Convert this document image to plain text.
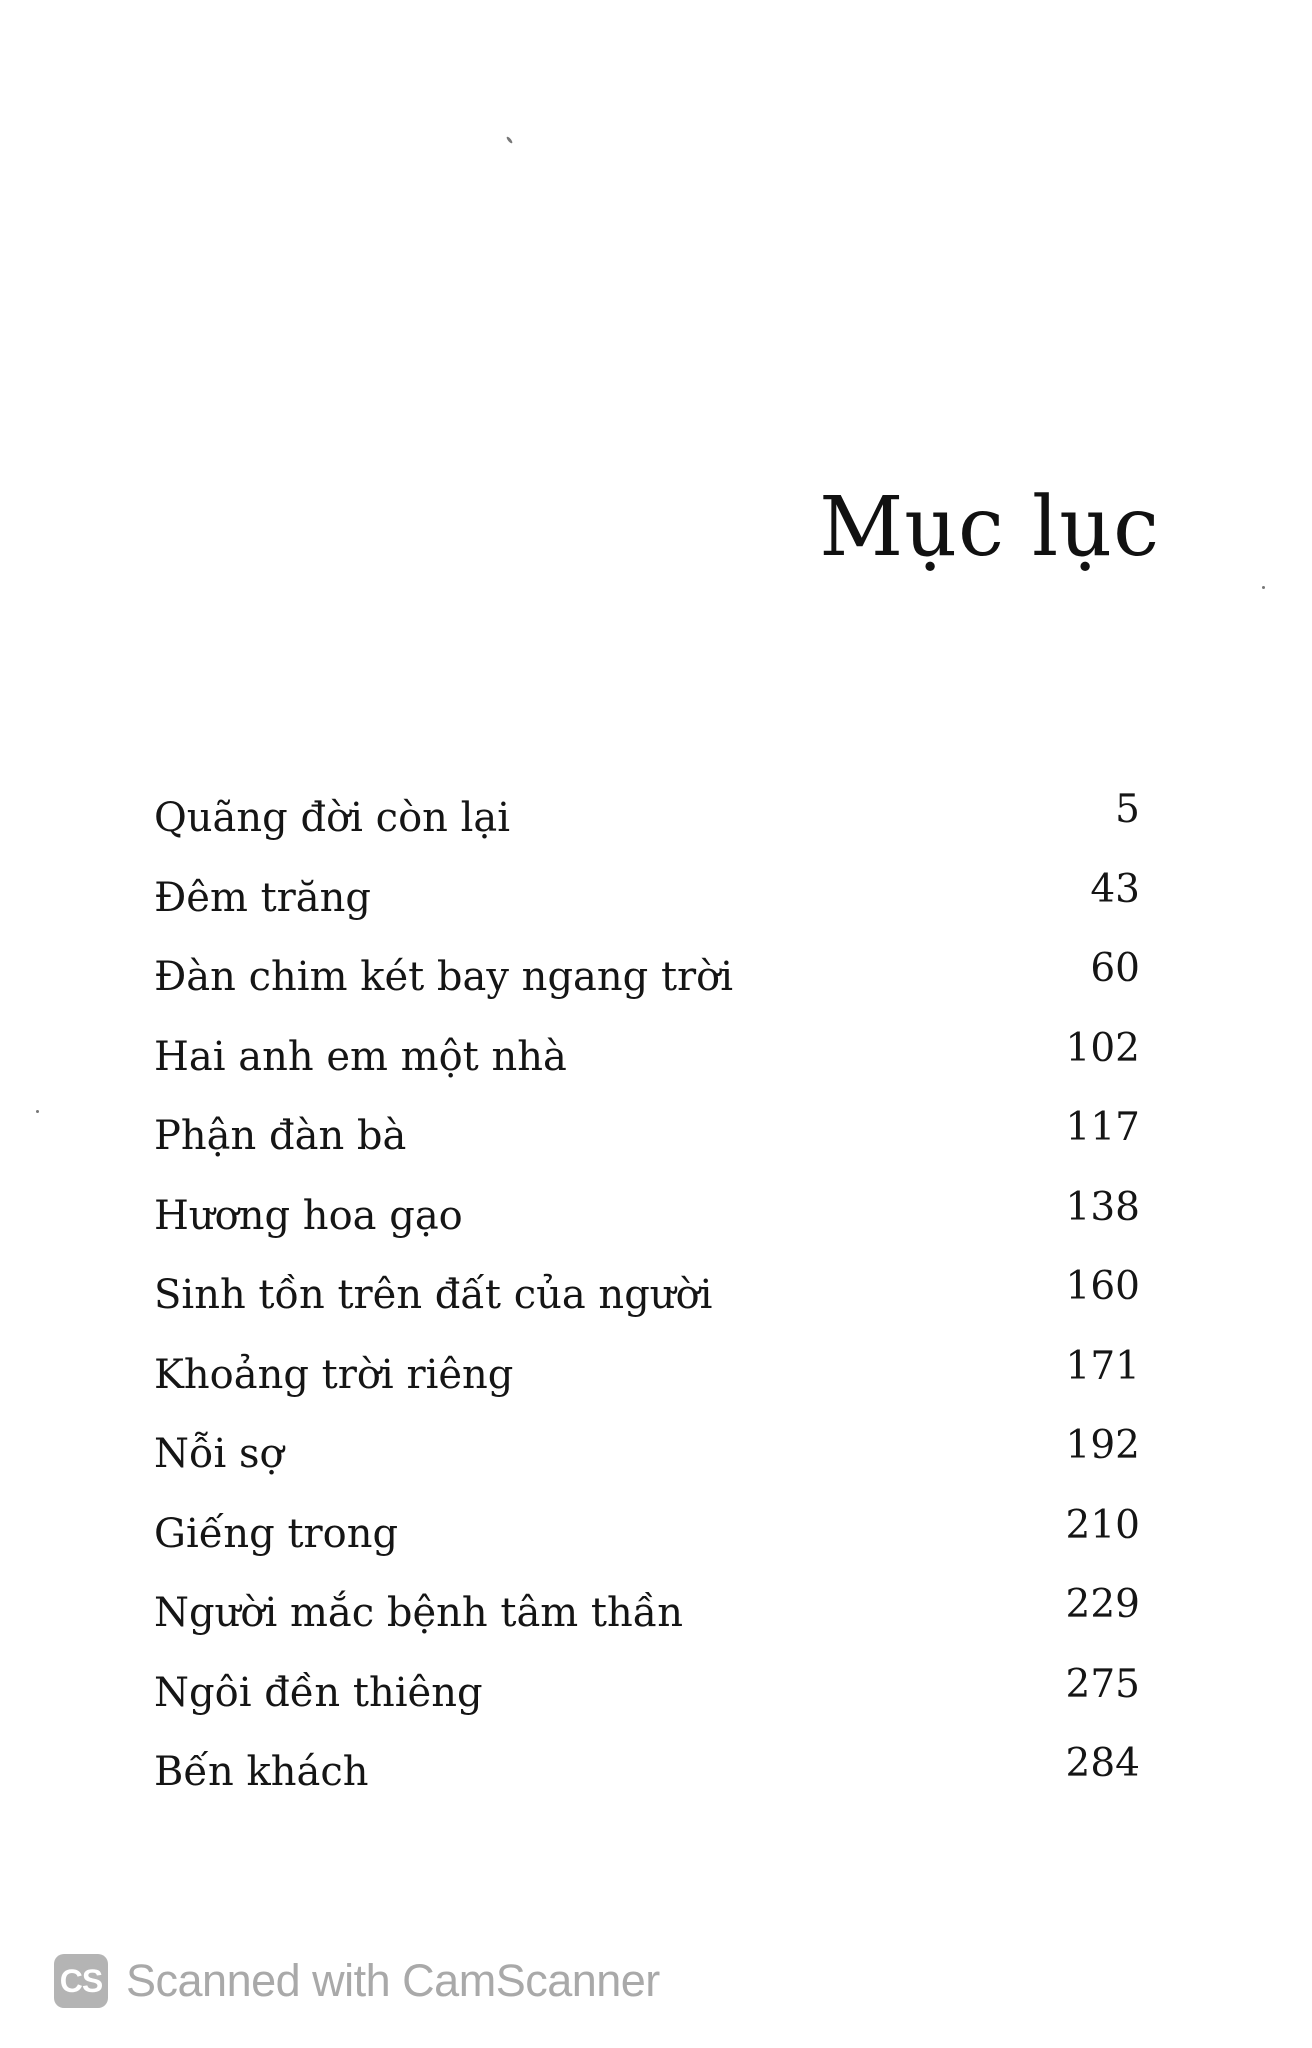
Mục lục
Quãng đời còn lại	5
Đêm trăng	43
Đàn chim két bay ngang trời	60
Hai anh em một nhà	102
Phận đàn bà	117
Hương hoa gạo	138
Sinh tồn trên đất của người	160
Khoảng trời riêng	171
Nỗi sợ	192
Giếng trong	210
Người mắc bệnh tâm thần	229
Ngôi đền thiêng	275
Bến khách	284
CS Scanned with CamScanner
